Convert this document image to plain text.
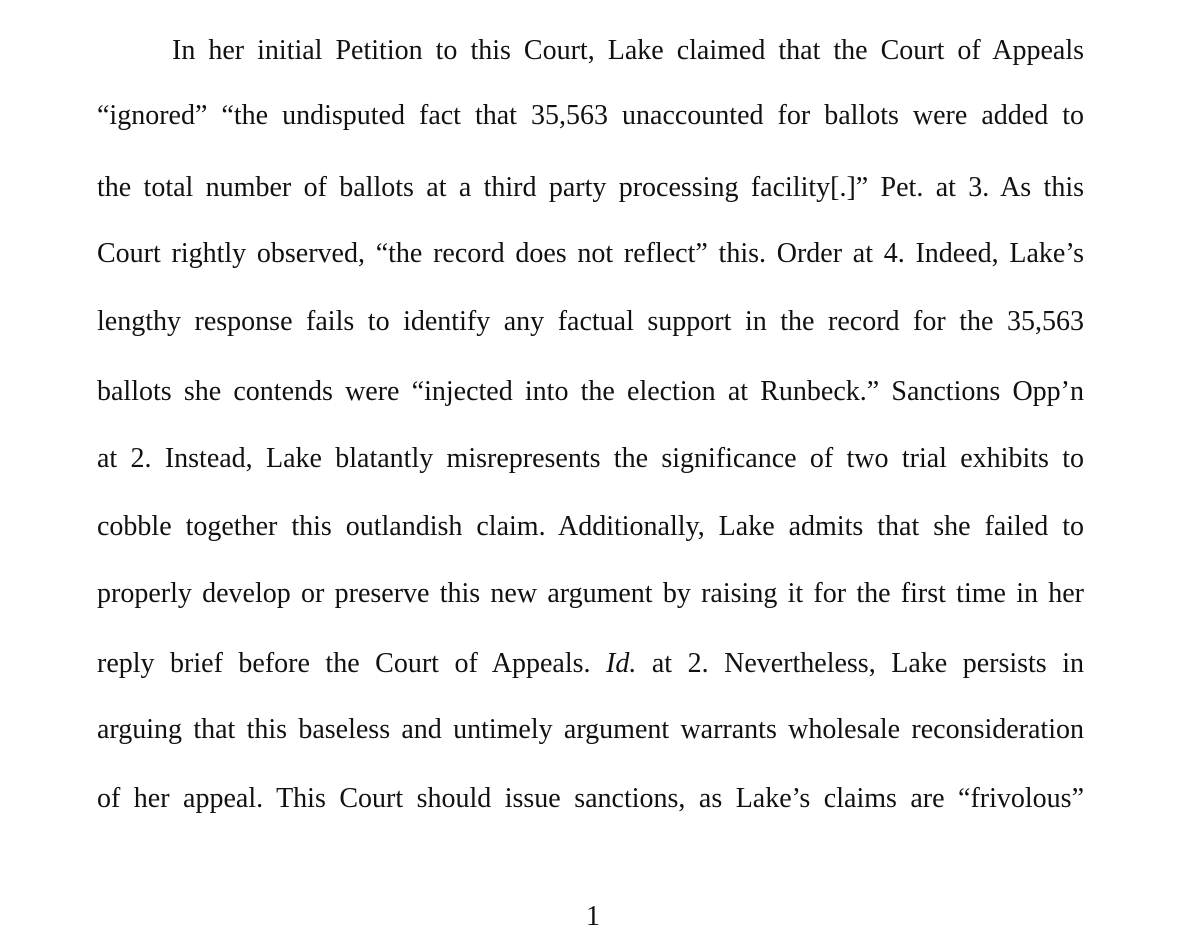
In her initial Petition to this Court, Lake claimed that the Court of Appeals
“ignored” “the undisputed fact that 35,563 unaccounted for ballots were added to
the total number of ballots at a third party processing facility[.]” Pet. at 3. As this
Court rightly observed, “the record does not reflect” this. Order at 4. Indeed, Lake’s
lengthy response fails to identify any factual support in the record for the 35,563
ballots she contends were “injected into the election at Runbeck.” Sanctions Opp’n
at 2. Instead, Lake blatantly misrepresents the significance of two trial exhibits to
cobble together this outlandish claim. Additionally, Lake admits that she failed to
properly develop or preserve this new argument by raising it for the first time in her
reply brief before the Court of Appeals. Id. at 2. Nevertheless, Lake persists in
arguing that this baseless and untimely argument warrants wholesale reconsideration
of her appeal. This Court should issue sanctions, as Lake’s claims are “frivolous”
1
